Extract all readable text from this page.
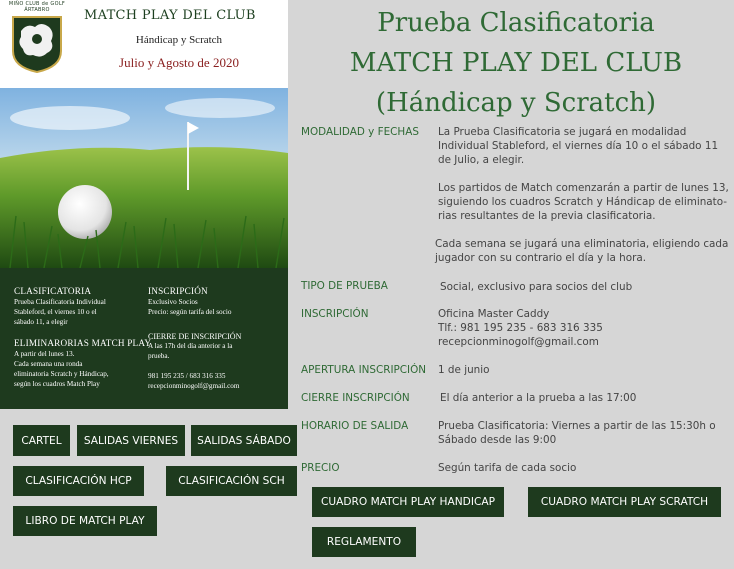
MIÑO CLUB de GOLF
ÁRTABRO	MATCH PLAY DEL CLUB
Hándicap y Scratch
Julio y Agosto de 2020
CLASIFICATORIA
Prueba Clasificatoria Individual
Stableford, el viernes 10 o el
sábado 11, a elegir
ELIMINARORIAS MATCH PLAY
A partir del lunes 13.
Cada semana una ronda
eliminatoria Scratch y Hándicap,
según los cuadros Match Play
INSCRIPCIÓN
Exclusivo Socios
Precio: según tarifa del socio
CIERRE DE INSCRIPCIÓN
A las 17h del día anterior a la
prueba.
981 195 235 / 683 316 335
recepcionminogolf@gmail.com
Prueba Clasificatoria
MATCH PLAY DEL CLUB
(Hándicap y Scratch)
MODALIDAD y FECHAS La Prueba Clasificatoria se jugará en modalidad
Individual Stableford, el viernes día 10 o el sábado 11
de Julio, a elegir.
Los partidos de Match comenzarán a partir de lunes 13,
siguiendo los cuadros Scratch y Hándicap de eliminato-
rias resultantes de la previa clasificatoria.
Cada semana se jugará una eliminatoria, eligiendo cada
jugador con su contrario el día y la hora.
TIPO DE PRUEBA	Social, exclusivo para socios del club
INSCRIPCIÓN	Oficina Master Caddy
Tlf.: 981 195 235 - 683 316 335
recepcionminogolf@gmail.com
APERTURA INSCRIPCIÓN 1 de junio
CIERRE INSCRIPCIÓN	El día anterior a la prueba a las 17:00
HORARIO DE SALIDA	Prueba Clasificatoria: Viernes a partir de las 15:30h o
Sábado desde las 9:00
PRECIO	Según tarifa de cada socio
CARTEL	SALIDAS VIERNES	SALIDAS SÁBADO
CLASIFICACIÓN HCP	CLASIFICACIÓN SCH
LIBRO DE MATCH PLAY
CUADRO MATCH PLAY HANDICAP	CUADRO MATCH PLAY SCRATCH
REGLAMENTO
